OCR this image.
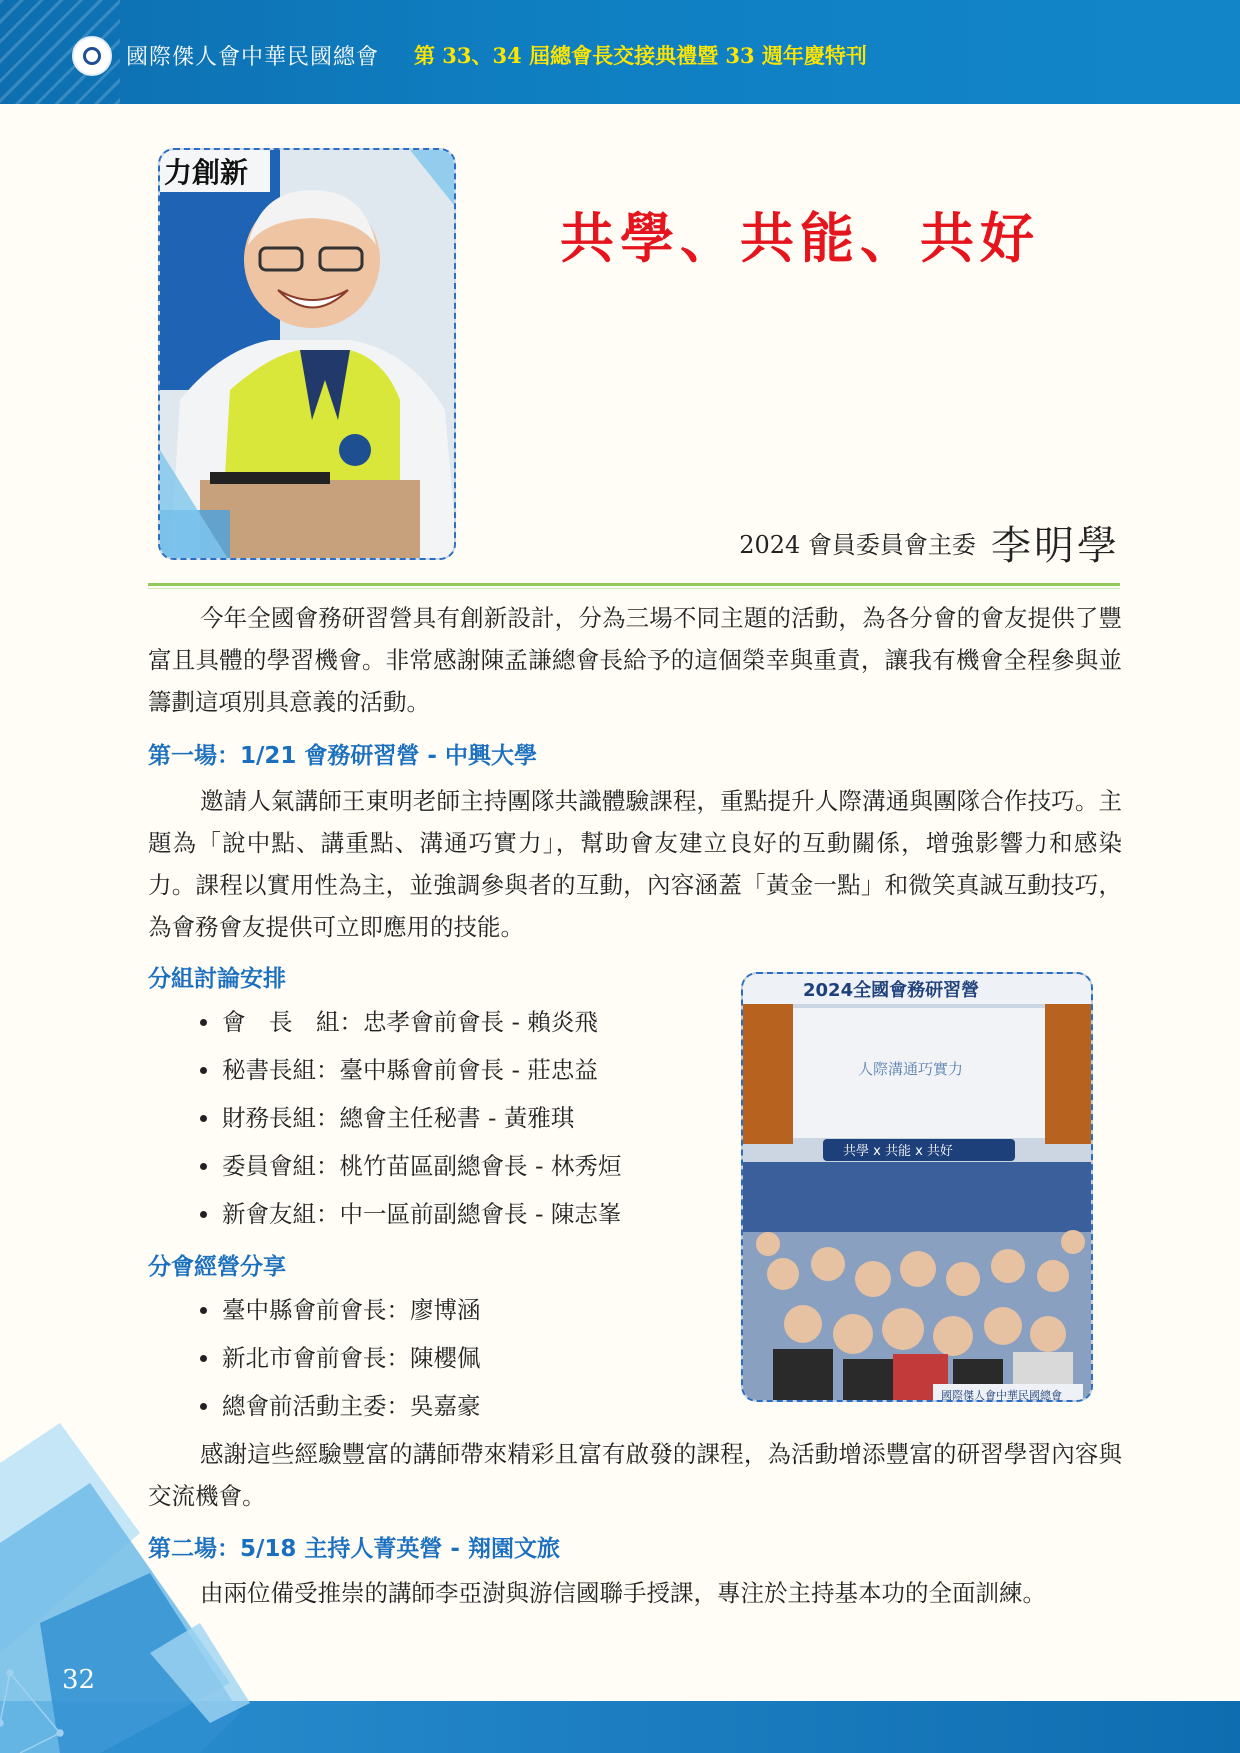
國際傑人會中華民國總會 第 33、34 屆總會長交接典禮暨 33 週年慶特刊
力創新
共學、共能、共好
2024 會員委員會主委 李明學

今年全國會務研習營具有創新設計，分為三場不同主題的活動，為各分會的會友提供了豐富且具體的學習機會。非常感謝陳孟謙總會長給予的這個榮幸與重責，讓我有機會全程參與並籌劃這項別具意義的活動。

第一場：1/21 會務研習營 - 中興大學

邀請人氣講師王東明老師主持團隊共識體驗課程，重點提升人際溝通與團隊合作技巧。主題為「說中點、講重點、溝通巧實力」，幫助會友建立良好的互動關係，增強影響力和感染力。課程以實用性為主，並強調參與者的互動，內容涵蓋「黃金一點」和微笑真誠互動技巧，為會務會友提供可立即應用的技能。

分組討論安排
會　長　組：忠孝會前會長 - 賴炎飛
秘書長組：臺中縣會前會長 - 莊忠益
財務長組：總會主任秘書 - 黃雅琪
委員會組：桃竹苗區副總會長 - 林秀烜
新會友組：中一區前副總會長 - 陳志峯
分會經營分享
臺中縣會前會長：廖博涵
新北市會前會長：陳櫻佩
總會前活動主委：吳嘉豪

感謝這些經驗豐富的講師帶來精彩且富有啟發的課程，為活動增添豐富的研習學習內容與交流機會。

第二場：5/18 主持人菁英營 - 翔園文旅

由兩位備受推崇的講師李亞澍與游信國聯手授課，專注於主持基本功的全面訓練。

2024全國會務研習營
人際溝通巧實力
共學 x 共能 x 共好
國際傑人會中華民國總會
32
